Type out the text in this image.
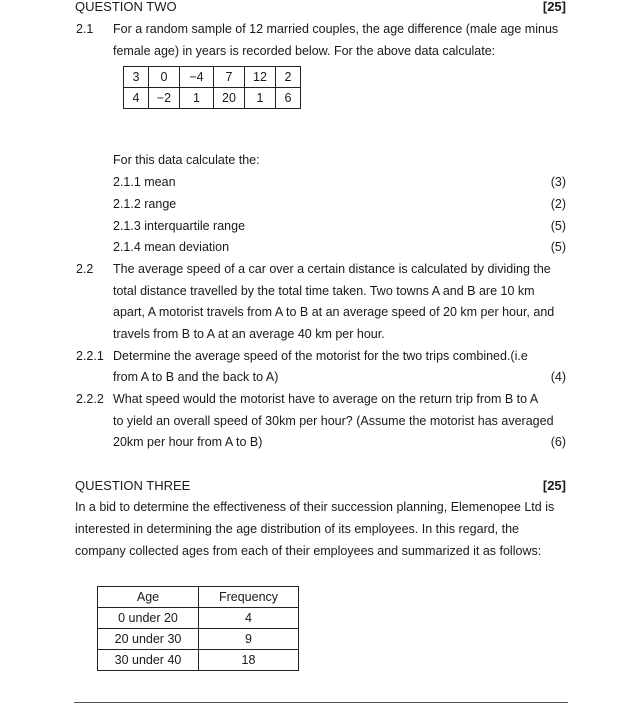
QUESTION TWO	[25]
2.1 For a random sample of 12 married couples, the age difference (male age minus
female age) in years is recorded below. For the above data calculate:
3	0	−4	7	12	2
4	−2	1	20	1	6
For this data calculate the:
2.1.1 mean	(3)
2.1.2 range	(2)
2.1.3 interquartile range	(5)
2.1.4 mean deviation	(5)
2.2 The average speed of a car over a certain distance is calculated by dividing the
total distance travelled by the total time taken. Two towns A and B are 10 km
apart, A motorist travels from A to B at an average speed of 20 km per hour, and
travels from B to A at an average 40 km per hour.
2.2.1 Determine the average speed of the motorist for the two trips combined.(i.e
from A to B and the back to A)	(4)
2.2.2 What speed would the motorist have to average on the return trip from B to A
to yield an overall speed of 30km per hour? (Assume the motorist has averaged
20km per hour from A to B)	(6)
QUESTION THREE	[25]
In a bid to determine the effectiveness of their succession planning, Elemenopee Ltd is
interested in determining the age distribution of its employees. In this regard, the
company collected ages from each of their employees and summarized it as follows:
Age	Frequency
0 under 20	4
20 under 30	9
30 under 40	18
